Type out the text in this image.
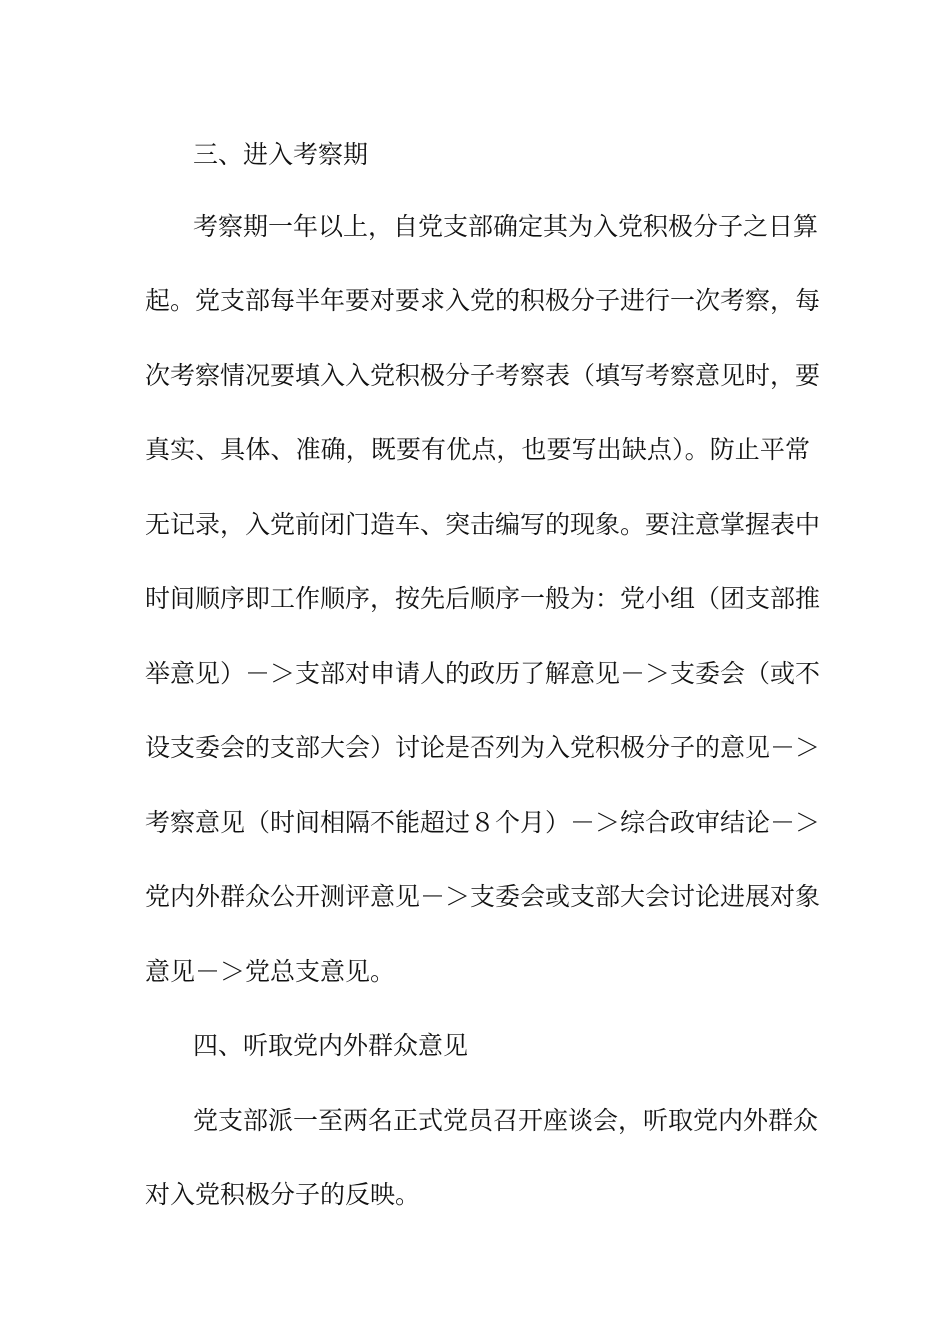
三、进入考察期
考察期一年以上，自党支部确定其为入党积极分子之日算
起。党支部每半年要对要求入党的积极分子进行一次考察，每
次考察情况要填入入党积极分子考察表（填写考察意见时，要
真实、具体、准确，既要有优点，也要写出缺点）。防止平常
无记录，入党前闭门造车、突击编写的现象。要注意掌握表中
时间顺序即工作顺序，按先后顺序一般为：党小组（团支部推
举意见）－＞支部对申请人的政历了解意见－＞支委会（或不
设支委会的支部大会）讨论是否列为入党积极分子的意见－＞
考察意见（时间相隔不能超过８个月）－＞综合政审结论－＞
党内外群众公开测评意见－＞支委会或支部大会讨论进展对象
意见－＞党总支意见。
四、听取党内外群众意见
党支部派一至两名正式党员召开座谈会，听取党内外群众
对入党积极分子的反映。
